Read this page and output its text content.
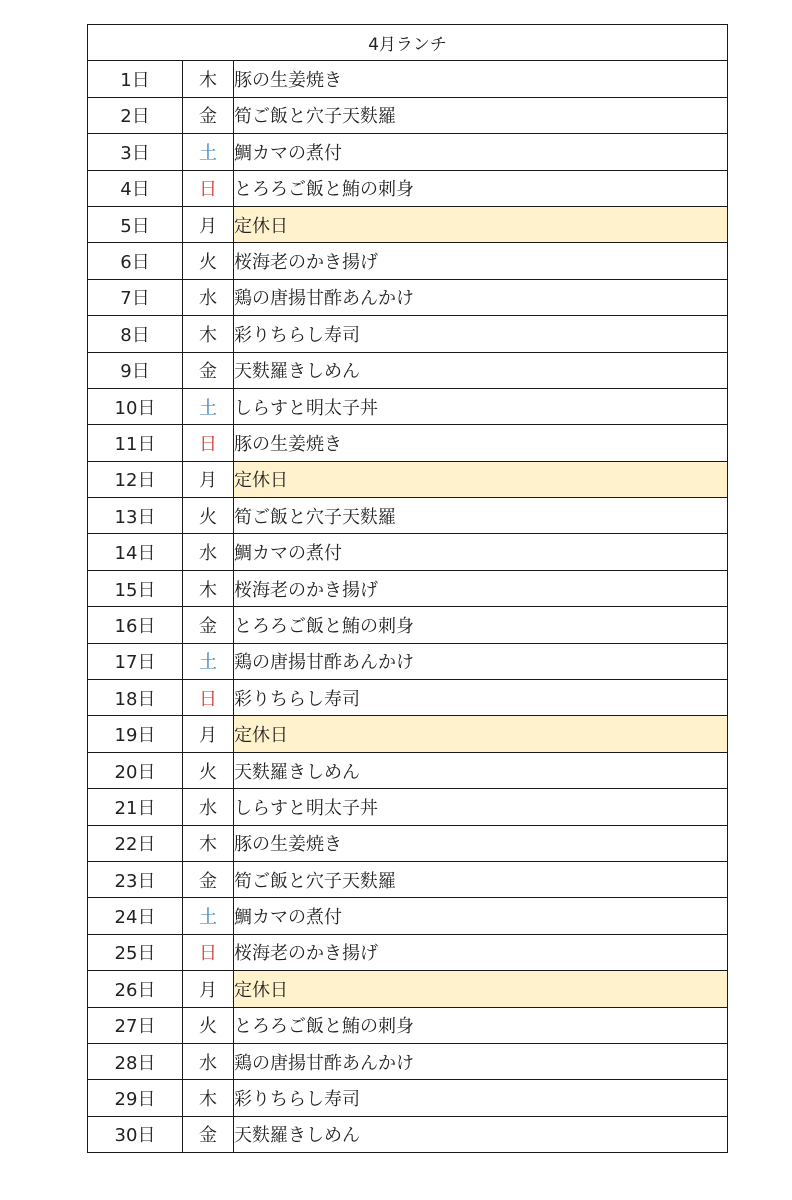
4月ランチ		
1日	木	豚の生姜焼き
2日	金	筍ご飯と穴子天麩羅
3日	土	鯛カマの煮付
4日	日	とろろご飯と鮪の刺身
5日	月	定休日
6日	火	桜海老のかき揚げ
7日	水	鶏の唐揚甘酢あんかけ
8日	木	彩りちらし寿司
9日	金	天麩羅きしめん
10日	土	しらすと明太子丼
11日	日	豚の生姜焼き
12日	月	定休日
13日	火	筍ご飯と穴子天麩羅
14日	水	鯛カマの煮付
15日	木	桜海老のかき揚げ
16日	金	とろろご飯と鮪の刺身
17日	土	鶏の唐揚甘酢あんかけ
18日	日	彩りちらし寿司
19日	月	定休日
20日	火	天麩羅きしめん
21日	水	しらすと明太子丼
22日	木	豚の生姜焼き
23日	金	筍ご飯と穴子天麩羅
24日	土	鯛カマの煮付
25日	日	桜海老のかき揚げ
26日	月	定休日
27日	火	とろろご飯と鮪の刺身
28日	水	鶏の唐揚甘酢あんかけ
29日	木	彩りちらし寿司
30日	金	天麩羅きしめん
